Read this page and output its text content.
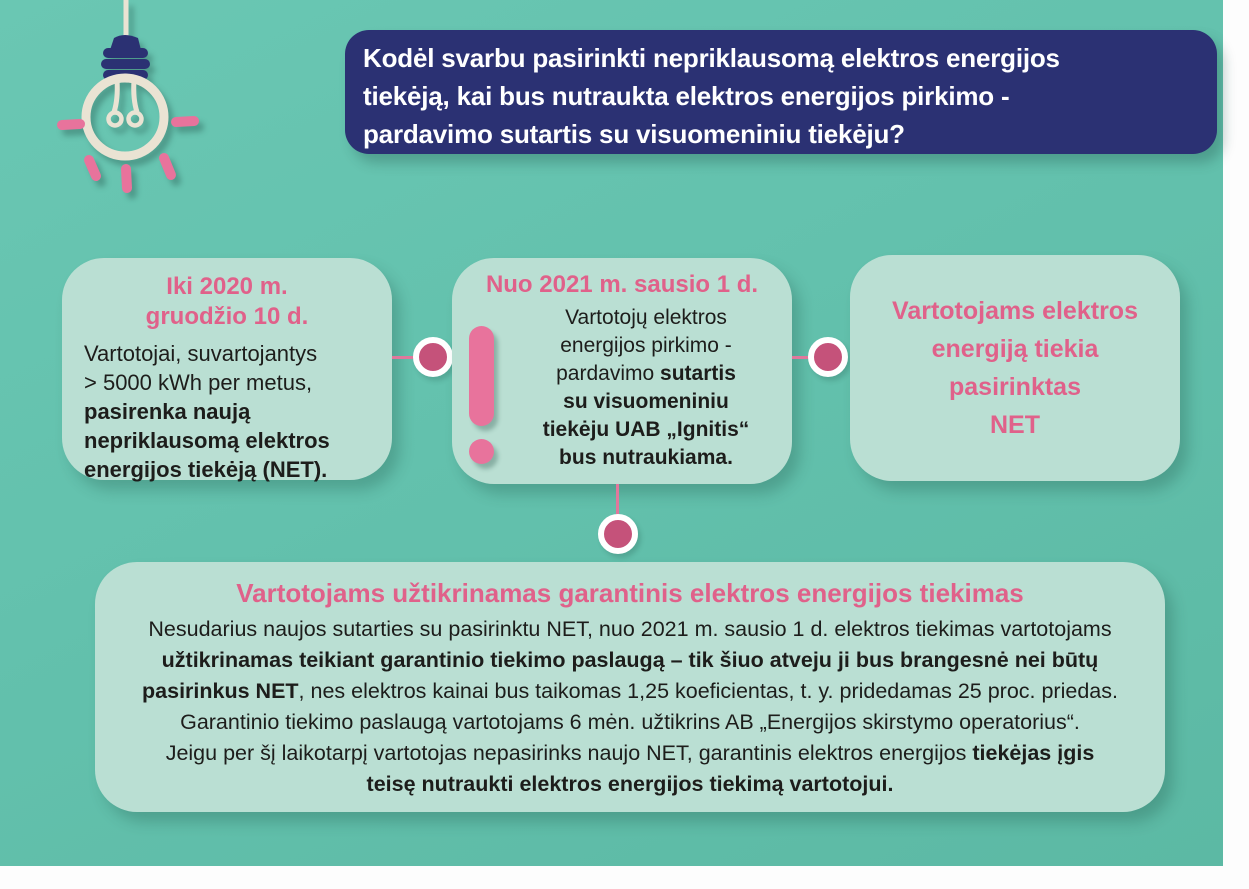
Kodėl svarbu pasirinkti nepriklausomą elektros energijos
tiekėją, kai bus nutraukta elektros energijos pirkimo -
pardavimo sutartis su visuomeniniu tiekėju?
Iki 2020 m.
gruodžio 10 d.
Vartotojai, suvartojantys
> 5000 kWh per metus,
pasirenka naują
nepriklausomą elektros
energijos tiekėją (NET).
Nuo 2021 m. sausio 1 d.
Vartotojų elektros
energijos pirkimo -
pardavimo sutartis
su visuomeniniu
tiekėju UAB „Ignitis“
bus nutraukiama.
Vartotojams elektros
energiją tiekia
pasirinktas
NET
Vartotojams užtikrinamas garantinis elektros energijos tiekimas
Nesudarius naujos sutarties su pasirinktu NET, nuo 2021 m. sausio 1 d. elektros tiekimas vartotojams
užtikrinamas teikiant garantinio tiekimo paslaugą – tik šiuo atveju ji bus brangesnė nei būtų
pasirinkus NET, nes elektros kainai bus taikomas 1,25 koeficientas, t. y. pridedamas 25 proc. priedas.
Garantinio tiekimo paslaugą vartotojams 6 mėn. užtikrins AB „Energijos skirstymo operatorius“.
Jeigu per šį laikotarpį vartotojas nepasirinks naujo NET, garantinis elektros energijos tiekėjas įgis
teisę nutraukti elektros energijos tiekimą vartotojui.
